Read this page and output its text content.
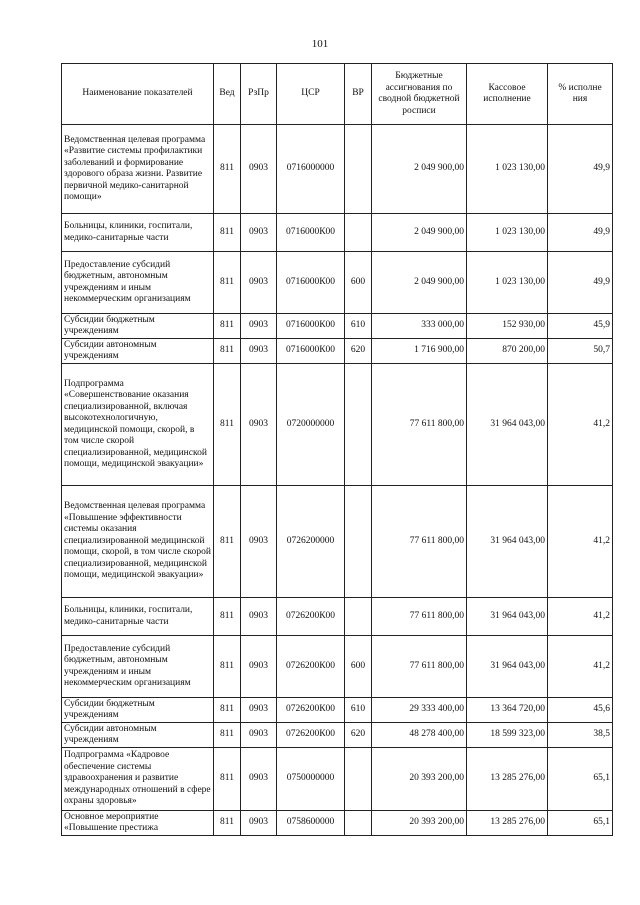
101
Наименование показателей	Вед	РзПр	ЦСР	ВР	Бюджетные ассигнования по сводной бюджетной росписи	Кассовое исполнение	% исполне ния
Ведомственная целевая программа «Развитие системы профилактики заболеваний и формирование здорового образа жизни. Развитие первичной медико-санитарной помощи»	811	0903	0716000000		2 049 900,00	1 023 130,00	49,9
Больницы, клиники, госпитали, медико-санитарные части	811	0903	0716000К00		2 049 900,00	1 023 130,00	49,9
Предоставление субсидий бюджетным, автономным учреждениям и иным некоммерческим организациям	811	0903	0716000К00	600	2 049 900,00	1 023 130,00	49,9
Субсидии бюджетным учреждениям	811	0903	0716000К00	610	333 000,00	152 930,00	45,9
Субсидии автономным учреждениям	811	0903	0716000К00	620	1 716 900,00	870 200,00	50,7
Подпрограмма «Совершенствование оказания специализированной, включая высокотехнологичную, медицинской помощи, скорой, в том числе скорой специализированной, медицинской помощи, медицинской эвакуации»	811	0903	0720000000		77 611 800,00	31 964 043,00	41,2
Ведомственная целевая программа «Повышение эффективности системы оказания специализированной медицинской помощи, скорой, в том числе скорой специализированной, медицинской помощи, медицинской эвакуации»	811	0903	0726200000		77 611 800,00	31 964 043,00	41,2
Больницы, клиники, госпитали, медико-санитарные части	811	0903	0726200К00		77 611 800,00	31 964 043,00	41,2
Предоставление субсидий бюджетным, автономным учреждениям и иным некоммерческим организациям	811	0903	0726200К00	600	77 611 800,00	31 964 043,00	41,2
Субсидии бюджетным учреждениям	811	0903	0726200К00	610	29 333 400,00	13 364 720,00	45,6
Субсидии автономным учреждениям	811	0903	0726200К00	620	48 278 400,00	18 599 323,00	38,5
Подпрограмма «Кадровое обеспечение системы здравоохранения и развитие международных отношений в сфере охраны здоровья»	811	0903	0750000000		20 393 200,00	13 285 276,00	65,1
Основное мероприятие «Повышение престижа	811	0903	0758600000		20 393 200,00	13 285 276,00	65,1
